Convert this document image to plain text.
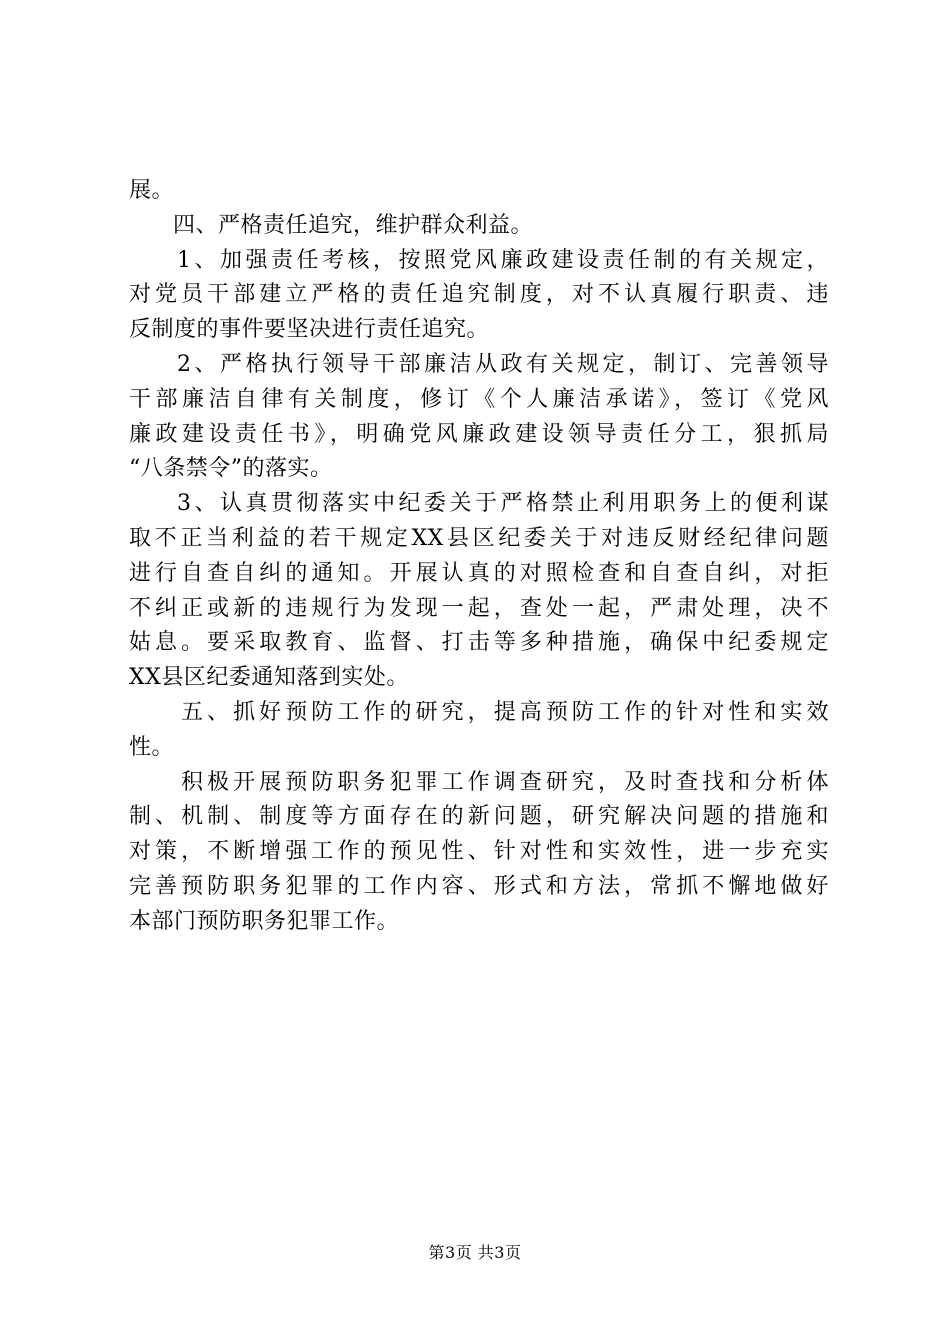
展。
四、严格责任追究，维护群众利益。
1、加强责任考核，按照党风廉政建设责任制的有关规定，
对党员干部建立严格的责任追究制度，对不认真履行职责、违
反制度的事件要坚决进行责任追究。
2、严格执行领导干部廉洁从政有关规定，制订、完善领导
干部廉洁自律有关制度，修订《个人廉洁承诺》，签订《党风
廉政建设责任书》，明确党风廉政建设领导责任分工，狠抓局
“八条禁令”的落实。
3、认真贯彻落实中纪委关于严格禁止利用职务上的便利谋
取不正当利益的若干规定XX县区纪委关于对违反财经纪律问题
进行自查自纠的通知。开展认真的对照检查和自查自纠，对拒
不纠正或新的违规行为发现一起，查处一起，严肃处理，决不
姑息。要采取教育、监督、打击等多种措施，确保中纪委规定
XX县区纪委通知落到实处。
五、抓好预防工作的研究，提高预防工作的针对性和实效
性。
积极开展预防职务犯罪工作调查研究，及时查找和分析体
制、机制、制度等方面存在的新问题，研究解决问题的措施和
对策，不断增强工作的预见性、针对性和实效性，进一步充实
完善预防职务犯罪的工作内容、形式和方法，常抓不懈地做好
本部门预防职务犯罪工作。
第3页 共3页
